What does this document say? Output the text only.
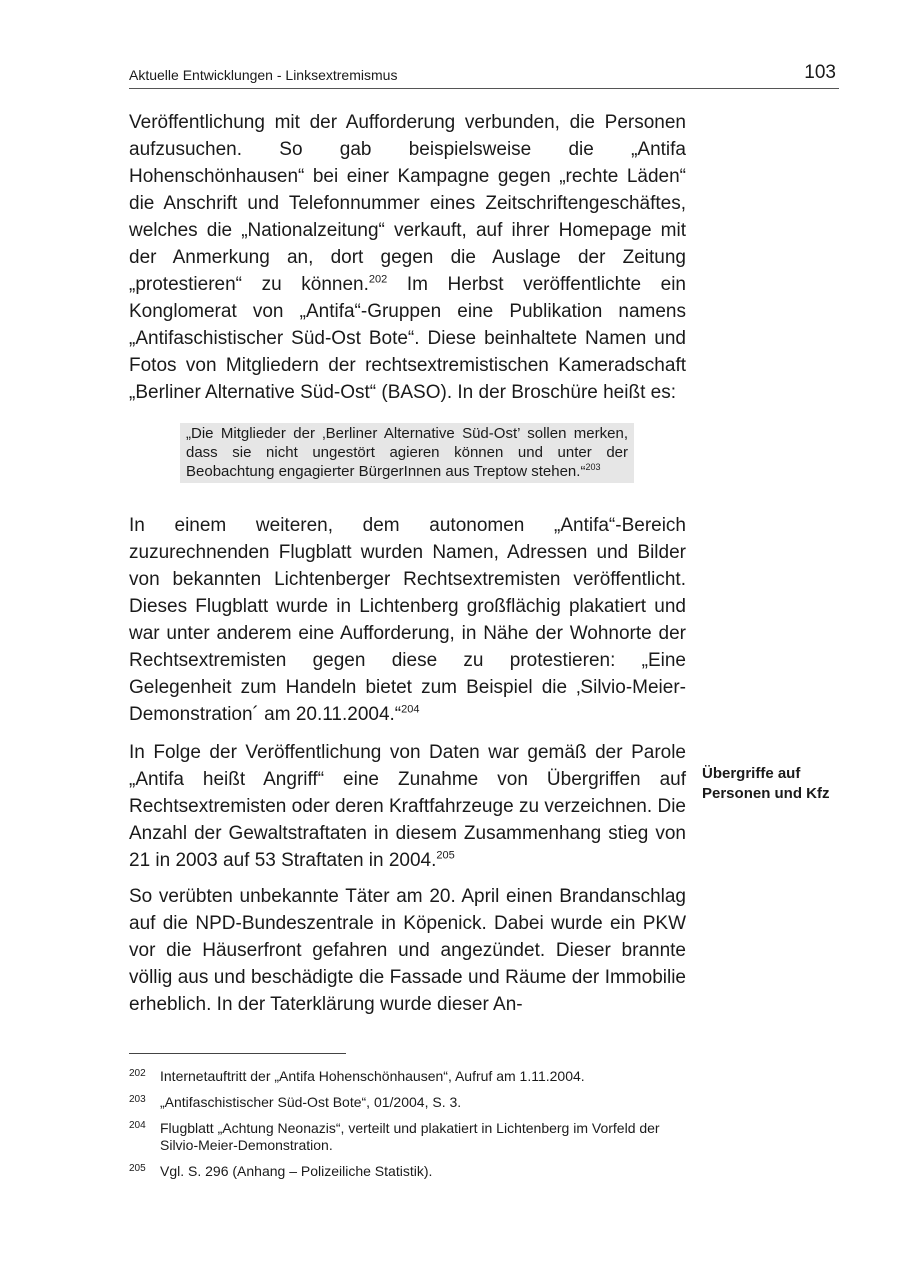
Aktuelle Entwicklungen - Linksextremismus	103

Veröffentlichung mit der Aufforderung verbunden, die Personen aufzusuchen. So gab beispielsweise die „Antifa Hohenschönhausen“ bei einer Kampagne gegen „rechte Läden“ die Anschrift und Telefonnummer eines Zeitschriftengeschäftes, welches die „Nationalzeitung“ verkauft, auf ihrer Homepage mit der Anmerkung an, dort gegen die Auslage der Zeitung „protestieren“ zu können.$^{202}$ Im Herbst veröffentlichte ein Konglomerat von „Antifa“-Gruppen eine Publikation namens „Antifaschistischer Süd-Ost Bote“. Diese beinhaltete Namen und Fotos von Mitgliedern der rechtsextremistischen Kameradschaft „Berliner Alternative Süd-Ost“ (BASO). In der Broschüre heißt es:

„Die Mitglieder der ‚Berliner Alternative Süd-Ost’ sollen merken, dass sie nicht ungestört agieren können und unter der Beobachtung engagierter BürgerInnen aus Treptow stehen.“$^{203}$

In einem weiteren, dem autonomen „Antifa“-Bereich zuzurechnenden Flugblatt wurden Namen, Adressen und Bilder von bekannten Lichtenberger Rechtsextremisten veröffentlicht. Dieses Flugblatt wurde in Lichtenberg großflächig plakatiert und war unter anderem eine Aufforderung, in Nähe der Wohnorte der Rechtsextremisten gegen diese zu protestieren: „Eine Gelegenheit zum Handeln bietet zum Beispiel die ‚Silvio-Meier-Demonstration´ am 20.11.2004.“$^{204}$

In Folge der Veröffentlichung von Daten war gemäß der Parole „Antifa heißt Angriff“ eine Zunahme von Übergriffen auf Rechtsextremisten oder deren Kraftfahrzeuge zu verzeichnen. Die Anzahl der Gewaltstraftaten in diesem Zusammenhang stieg von 21 in 2003 auf 53 Straftaten in 2004.$^{205}$

So verübten unbekannte Täter am 20. April einen Brandanschlag auf die NPD-Bundeszentrale in Köpenick. Dabei wurde ein PKW vor die Häuserfront gefahren und angezündet. Dieser brannte völlig aus und beschädigte die Fassade und Räume der Immobilie erheblich. In der Taterklärung wurde dieser An-

Übergriffe auf
Personen und Kfz
202 Internetauftritt der „Antifa Hohenschönhausen“, Aufruf am 1.11.2004.
203 „Antifaschistischer Süd-Ost Bote“, 01/2004, S. 3.
204 Flugblatt „Achtung Neonazis“, verteilt und plakatiert in Lichtenberg im Vorfeld der Silvio-Meier-Demonstration.
205 Vgl. S. 296 (Anhang – Polizeiliche Statistik).
